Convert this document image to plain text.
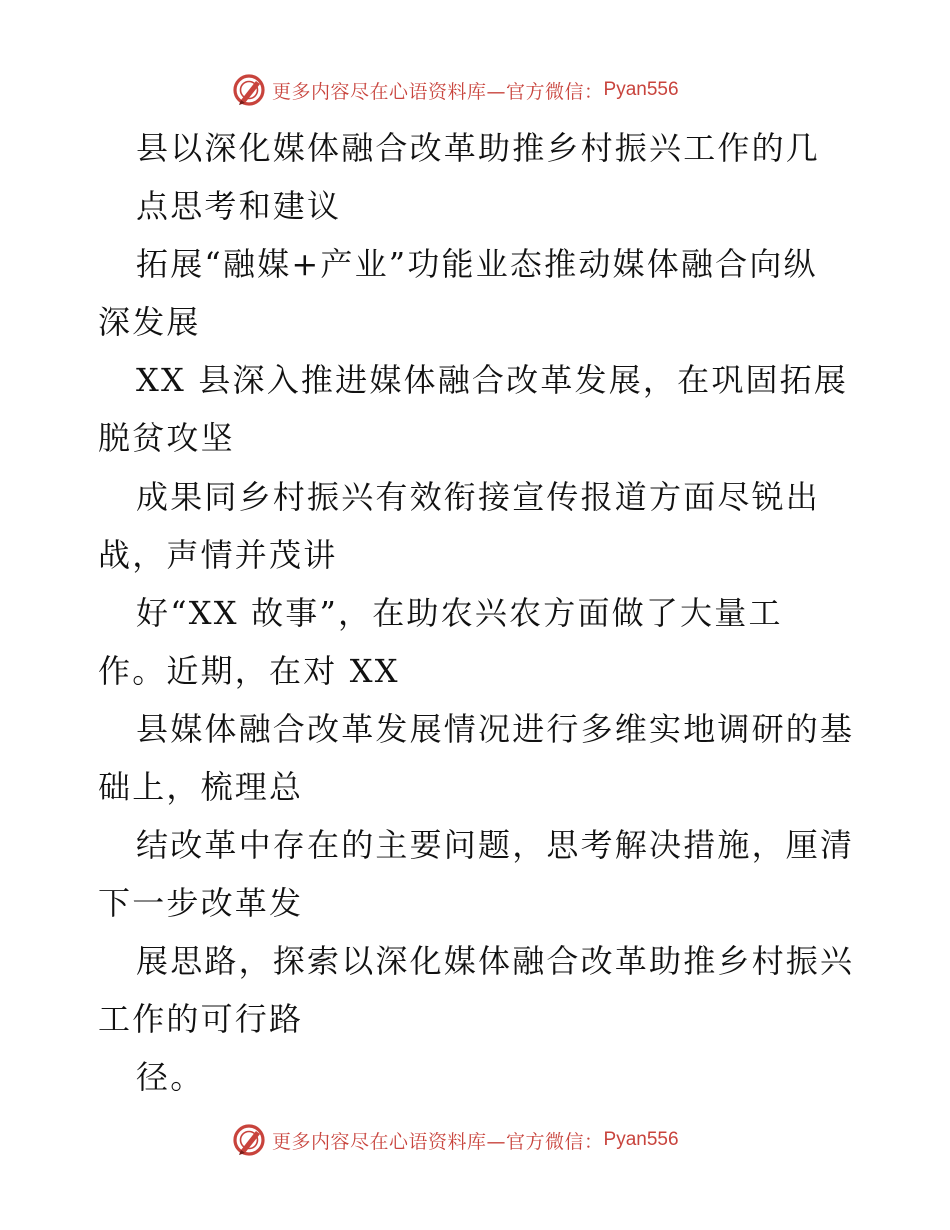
更多内容尽在心语资料库—官方微信： Pyan556
县以深化媒体融合改革助推乡村振兴工作的几
点思考和建议
拓展“融媒+产业”功能业态推动媒体融合向纵
深发展
XX 县深入推进媒体融合改革发展，在巩固拓展
脱贫攻坚
成果同乡村振兴有效衔接宣传报道方面尽锐出
战，声情并茂讲
好“XX 故事”，在助农兴农方面做了大量工
作。近期，在对 XX
县媒体融合改革发展情况进行多维实地调研的基
础上，梳理总
结改革中存在的主要问题，思考解决措施，厘清
下一步改革发
展思路，探索以深化媒体融合改革助推乡村振兴
工作的可行路
径。
更多内容尽在心语资料库—官方微信： Pyan556
